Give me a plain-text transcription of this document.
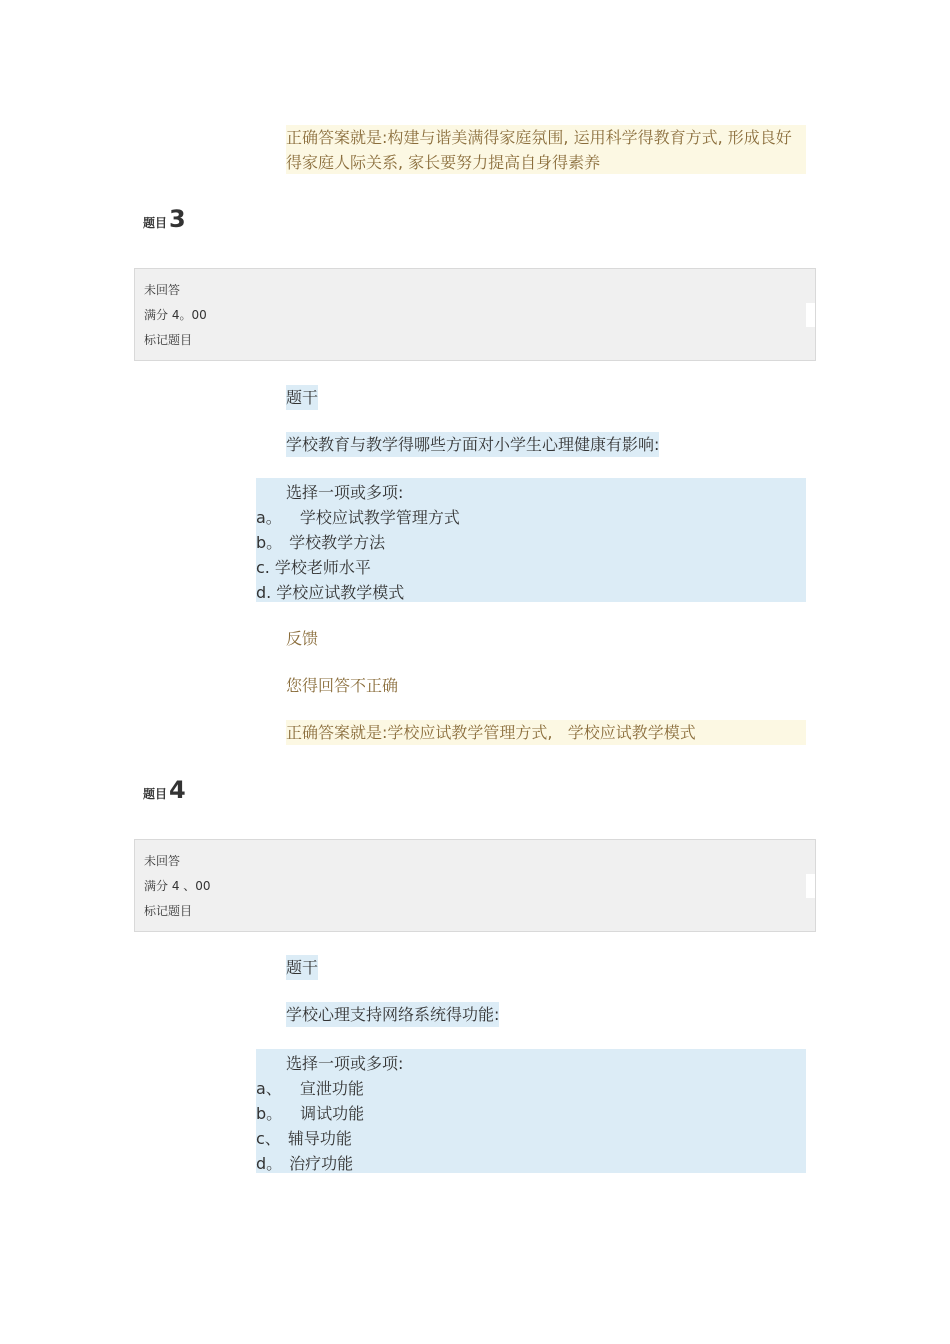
正确答案就是:构建与谐美满得家庭氛围, 运用科学得教育方式, 形成良好得家庭人际关系, 家长要努力提高自身得素养
题目3
未回答
满分 4。00
标记题目
题干
学校教育与教学得哪些方面对小学生心理健康有影响:
选择一项或多项:
a。 学校应试教学管理方式
b。 学校教学方法
c. 学校老师水平
d. 学校应试教学模式
反馈
您得回答不正确
正确答案就是:学校应试教学管理方式,   学校应试教学模式
题目4
未回答
满分 4 、00
标记题目
题干
学校心理支持网络系统得功能:
选择一项或多项:
a、 宣泄功能
b。 调试功能
c、 辅导功能
d。 治疗功能
